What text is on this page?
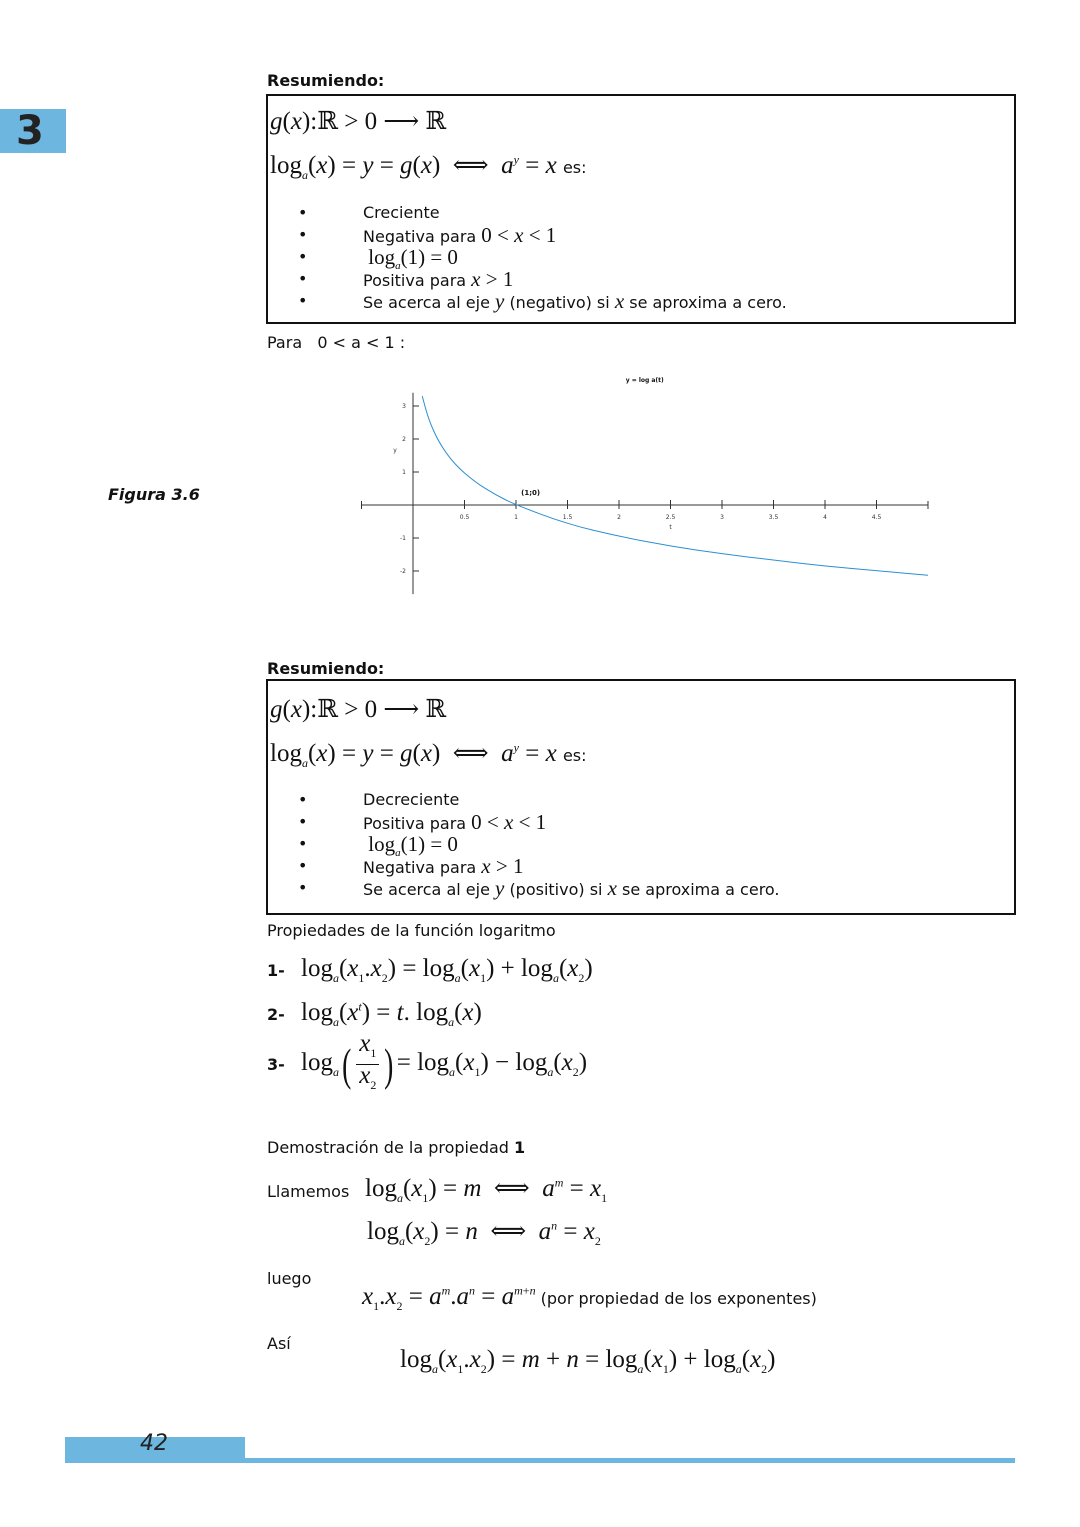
3
Resumiendo:
g(x):ℝ > 0 ⟶ ℝ
$\log_a(x) = y = g(x)$  ⟺  $a^y = x$ es:
•	Creciente
•	Negativa para 0 < x < 1
•	$\log_a(1) = 0$
•	Positiva para x > 1
•	Se acerca al eje y (negativo) si x se aproxima a cero.
Para 0 < a < 1 :
Figura 3.6
0.5	1	1.5	2	2.5	3	3.5	4	4.5
3
2
1
-1
-2
t
y
y = log a(t)
(1;0)
Resumiendo:
g(x):ℝ > 0 ⟶ ℝ
$\log_a(x) = y = g(x)$  ⟺  $a^y = x$ es:
•	Decreciente
•	Positiva para 0 < x < 1
•	$\log_a(1) = 0$
•	Negativa para x > 1
•	Se acerca al eje y (positivo) si x se aproxima a cero.
Propiedades de la función logaritmo
1- $\log_a(x_1.x_2) = \log_a(x_1) + \log_a(x_2)$
2- $\log_a(x^t) = t$. $\log_a(x)$
3- $\log_a( \frac{x_1}{x_2}$ ) = $\log_a(x_1) - \log_a(x_2)$
Demostración de la propiedad 1
Llamemos $\log_a(x_1) = m$  ⟺  $a^m = x_1$
$\log_a(x_2) = n$  ⟺  $a^n = x_2$
luego
$x_1.x_2 = a^m.a^n = a^{m+n}$ (por propiedad de los exponentes)
Así
$\log_a(x_1.x_2) = m + n = \log_a(x_1) + \log_a(x_2)$
42
